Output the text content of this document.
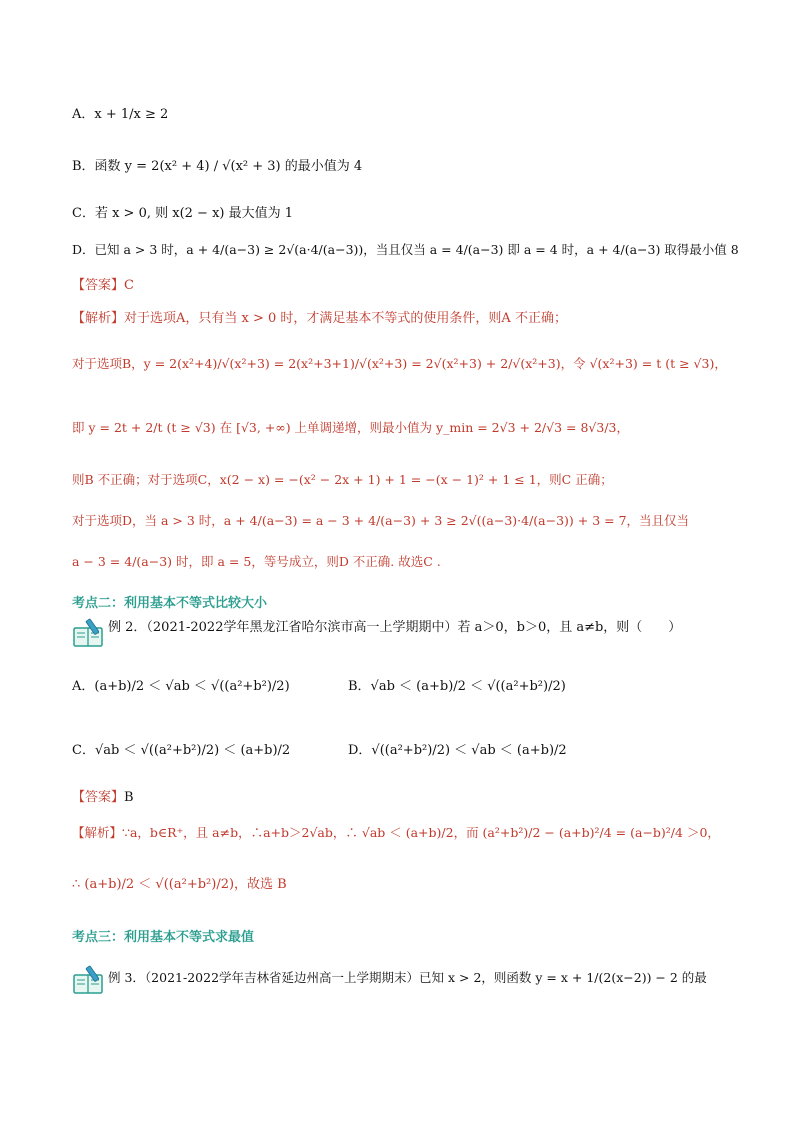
A．x + 1/x ≥ 2
B．函数 y = 2(x² + 4) / √(x² + 3) 的最小值为 4
C．若 x > 0, 则 x(2 − x) 最大值为 1
D．已知 a > 3 时，a + 4/(a−3) ≥ 2√(a·4/(a−3))，当且仅当 a = 4/(a−3) 即 a = 4 时，a + 4/(a−3) 取得最小值 8
【答案】C
【解析】对于选项A，只有当 x > 0 时，才满足基本不等式的使用条件，则A 不正确；
对于选项B，y = 2(x²+4)/√(x²+3) = 2(x²+3+1)/√(x²+3) = 2√(x²+3) + 2/√(x²+3)，令 √(x²+3) = t (t ≥ √3)，
即 y = 2t + 2/t (t ≥ √3) 在 [√3, +∞) 上单调递增，则最小值为 y_min = 2√3 + 2/√3 = 8√3/3，
则B 不正确；对于选项C，x(2 − x) = −(x² − 2x + 1) + 1 = −(x − 1)² + 1 ≤ 1，则C 正确；
对于选项D，当 a > 3 时，a + 4/(a−3) = a − 3 + 4/(a−3) + 3 ≥ 2√((a−3)·4/(a−3)) + 3 = 7，当且仅当
a − 3 = 4/(a−3) 时，即 a = 5，等号成立，则D 不正确. 故选C .
考点二：利用基本不等式比较大小
例 2．（2021-2022学年黑龙江省哈尔滨市高一上学期期中）若 a＞0，b＞0，且 a≠b，则（　　）
A．(a+b)/2 ＜ √ab ＜ √((a²+b²)/2)	B．√ab ＜ (a+b)/2 ＜ √((a²+b²)/2)
C．√ab ＜ √((a²+b²)/2) ＜ (a+b)/2	D．√((a²+b²)/2) ＜ √ab ＜ (a+b)/2
【答案】B
【解析】∵a，b∈R⁺，且 a≠b，∴a+b＞2√ab，∴ √ab ＜ (a+b)/2，而 (a²+b²)/2 − (a+b)²/4 = (a−b)²/4 ＞0，
∴ (a+b)/2 ＜ √((a²+b²)/2)，故选 B
考点三：利用基本不等式求最值
例 3．（2021-2022学年吉林省延边州高一上学期期末）已知 x > 2，则函数 y = x + 1/(2(x−2)) − 2 的最
